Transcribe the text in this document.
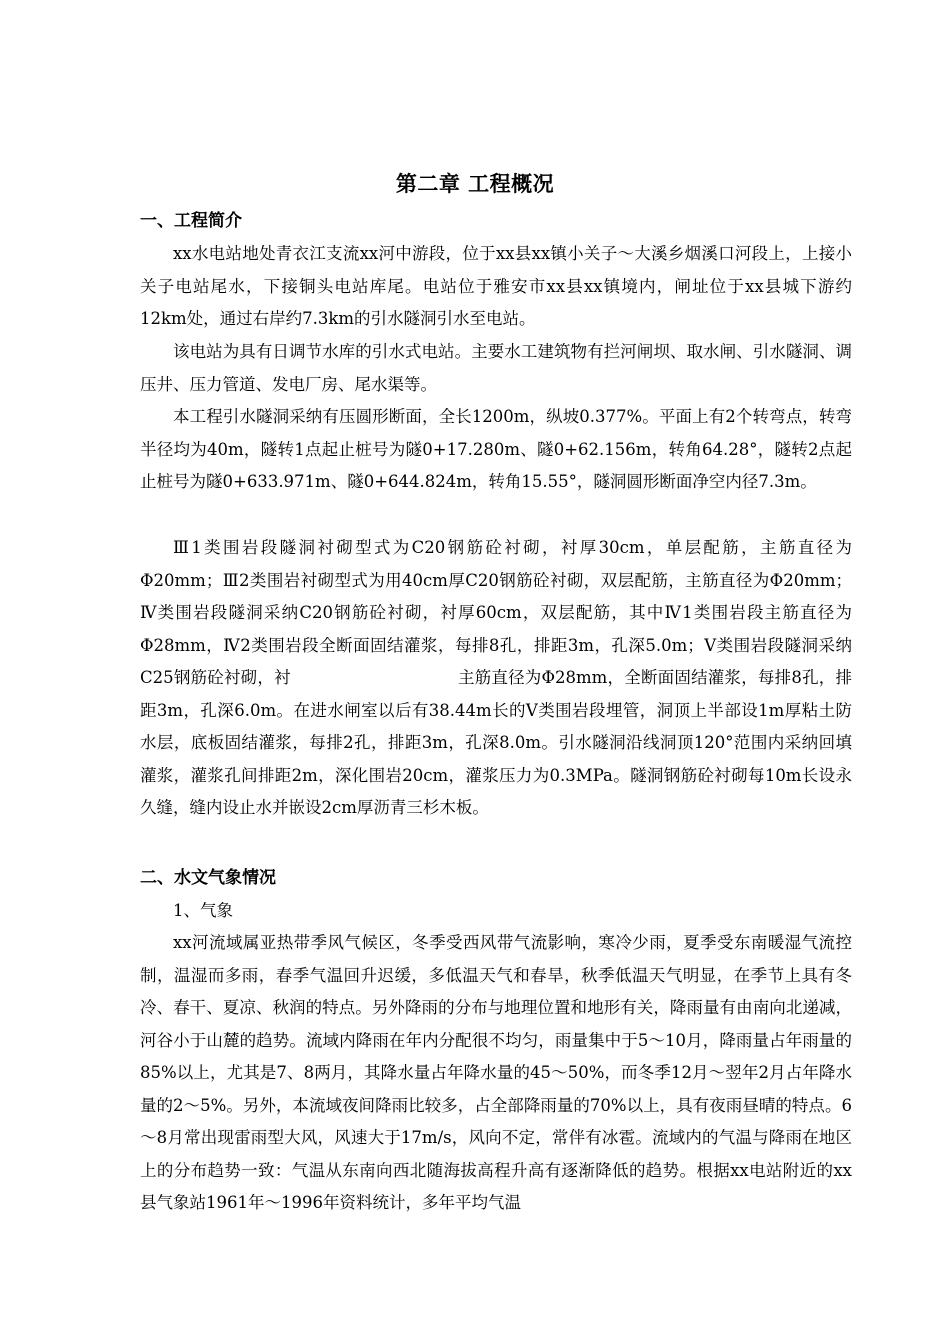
第二章 工程概况
一、工程简介

xx水电站地处青衣江支流xx河中游段，位于xx县xx镇小关子～大溪乡烟溪口河段上，上接小关子电站尾水，下接铜头电站库尾。电站位于雅安市xx县xx镇境内，闸址位于xx县城下游约12km处，通过右岸约7.3km的引水隧洞引水至电站。

该电站为具有日调节水库的引水式电站。主要水工建筑物有拦河闸坝、取水闸、引水隧洞、调压井、压力管道、发电厂房、尾水渠等。

本工程引水隧洞采纳有压圆形断面，全长1200m，纵坡0.377%。平面上有2个转弯点，转弯半径均为40m，隧转1点起止桩号为隧0+17.280m、隧0+62.156m，转角64.28°，隧转2点起止桩号为隧0+633.971m、隧0+644.824m，转角15.55°，隧洞圆形断面净空内径7.3m。

Ⅲ1类围岩段隧洞衬砌型式为C20钢筋砼衬砌，衬厚30cm，单层配筋，主筋直径为Φ20mm；Ⅲ2类围岩衬砌型式为用40cm厚C20钢筋砼衬砌，双层配筋，主筋直径为Φ20mm；Ⅳ类围岩段隧洞采纳C20钢筋砼衬砌，衬厚60cm，双层配筋，其中Ⅳ1类围岩段主筋直径为Φ28mm，Ⅳ2类围岩段全断面固结灌浆，每排8孔，排距3m，孔深5.0m；Ⅴ类围岩段隧洞采纳C25钢筋砼衬砌，衬　　　　　　　　　　主筋直径为Φ28mm，全断面固结灌浆，每排8孔，排距3m，孔深6.0m。在进水闸室以后有38.44m长的Ⅴ类围岩段埋管，洞顶上半部设1m厚粘土防水层，底板固结灌浆，每排2孔，排距3m，孔深8.0m。引水隧洞沿线洞顶120°范围内采纳回填灌浆，灌浆孔间排距2m，深化围岩20cm，灌浆压力为0.3MPa。隧洞钢筋砼衬砌每10m长设永久缝，缝内设止水并嵌设2cm厚沥青三杉木板。

二、水文气象情况
1、气象

xx河流域属亚热带季风气候区，冬季受西风带气流影响，寒冷少雨，夏季受东南暖湿气流控制，温湿而多雨，春季气温回升迟缓，多低温天气和春旱，秋季低温天气明显，在季节上具有冬冷、春干、夏凉、秋润的特点。另外降雨的分布与地理位置和地形有关，降雨量有由南向北递减，河谷小于山麓的趋势。流域内降雨在年内分配很不均匀，雨量集中于5～10月，降雨量占年雨量的85%以上，尤其是7、8两月，其降水量占年降水量的45～50%，而冬季12月～翌年2月占年降水量的2～5%。另外，本流域夜间降雨比较多，占全部降雨量的70%以上，具有夜雨昼晴的特点。6～8月常出现雷雨型大风，风速大于17m/s，风向不定，常伴有冰雹。流域内的气温与降雨在地区上的分布趋势一致：气温从东南向西北随海拔高程升高有逐渐降低的趋势。根据xx电站附近的xx县气象站1961年～1996年资料统计，多年平均气温
